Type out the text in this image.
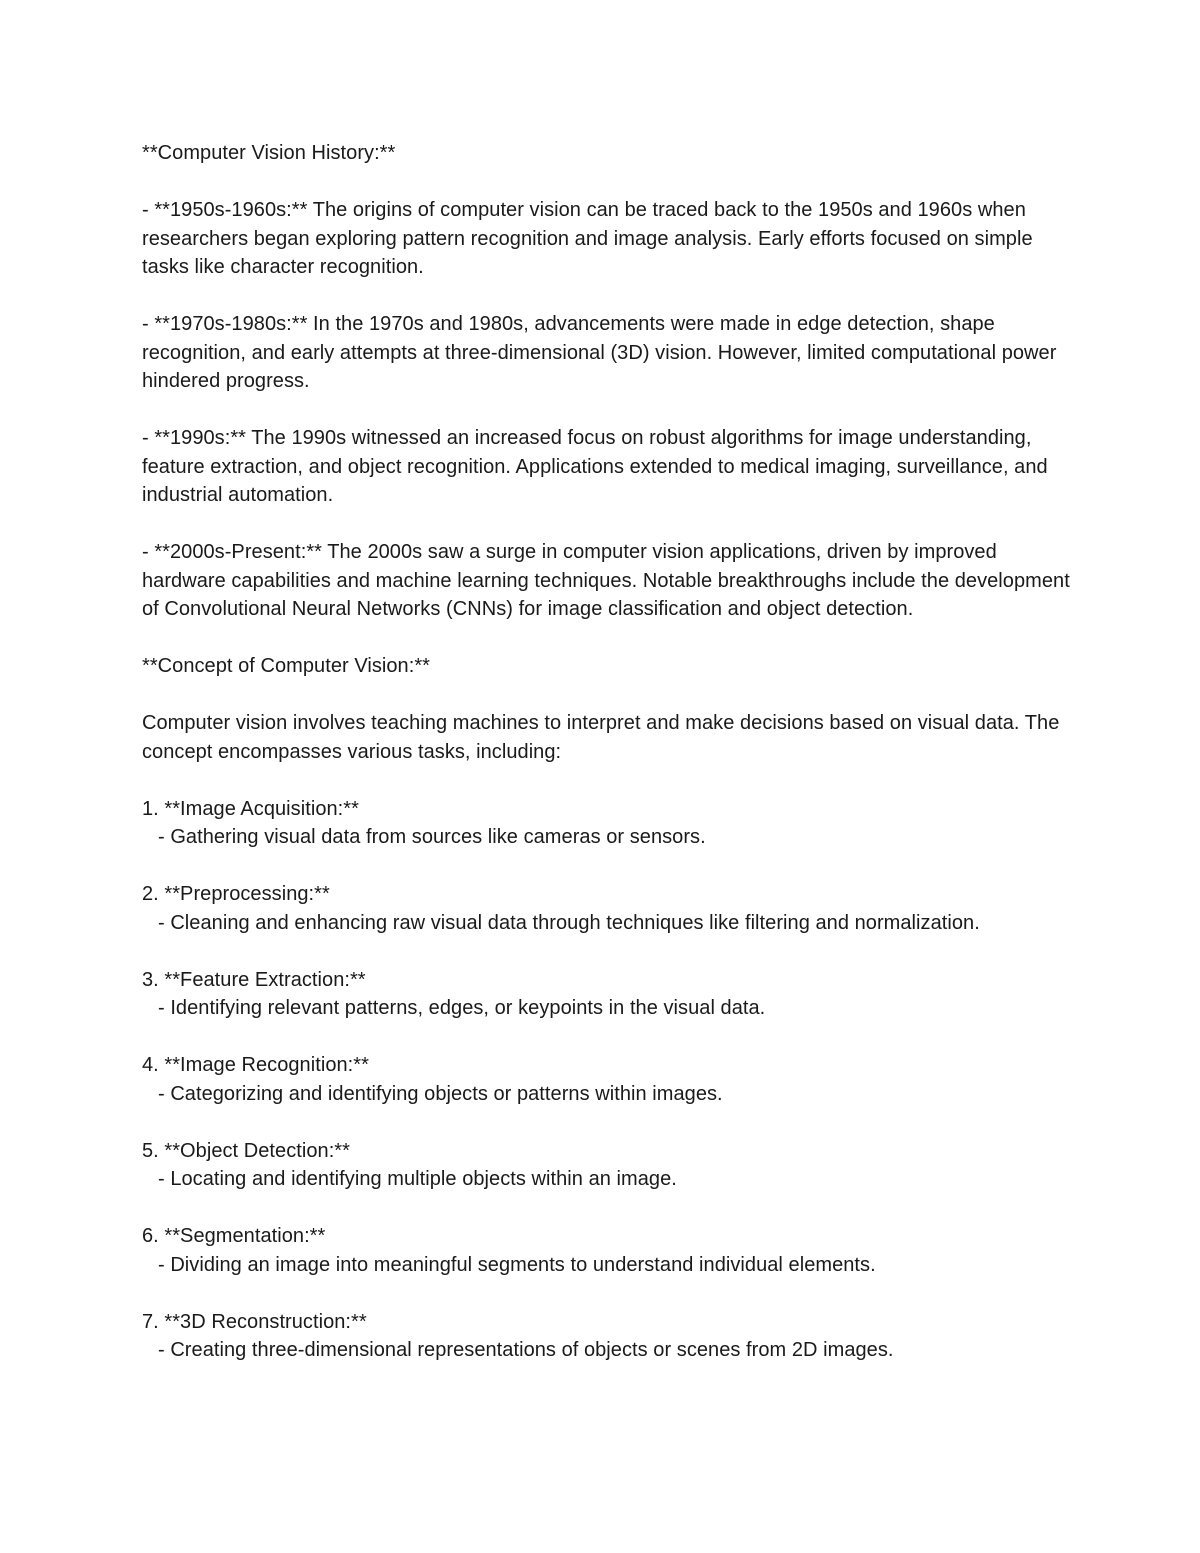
**Computer Vision History:**
- **1950s-1960s:** The origins of computer vision can be traced back to the 1950s and 1960s when researchers began exploring pattern recognition and image analysis. Early efforts focused on simple tasks like character recognition.
- **1970s-1980s:** In the 1970s and 1980s, advancements were made in edge detection, shape recognition, and early attempts at three-dimensional (3D) vision. However, limited computational power hindered progress.
- **1990s:** The 1990s witnessed an increased focus on robust algorithms for image understanding, feature extraction, and object recognition. Applications extended to medical imaging, surveillance, and industrial automation.
- **2000s-Present:** The 2000s saw a surge in computer vision applications, driven by improved hardware capabilities and machine learning techniques. Notable breakthroughs include the development of Convolutional Neural Networks (CNNs) for image classification and object detection.
**Concept of Computer Vision:**
Computer vision involves teaching machines to interpret and make decisions based on visual data. The concept encompasses various tasks, including:
1. **Image Acquisition:**
- Gathering visual data from sources like cameras or sensors.
2. **Preprocessing:**
- Cleaning and enhancing raw visual data through techniques like filtering and normalization.
3. **Feature Extraction:**
- Identifying relevant patterns, edges, or keypoints in the visual data.
4. **Image Recognition:**
- Categorizing and identifying objects or patterns within images.
5. **Object Detection:**
- Locating and identifying multiple objects within an image.
6. **Segmentation:**
- Dividing an image into meaningful segments to understand individual elements.
7. **3D Reconstruction:**
- Creating three-dimensional representations of objects or scenes from 2D images.
